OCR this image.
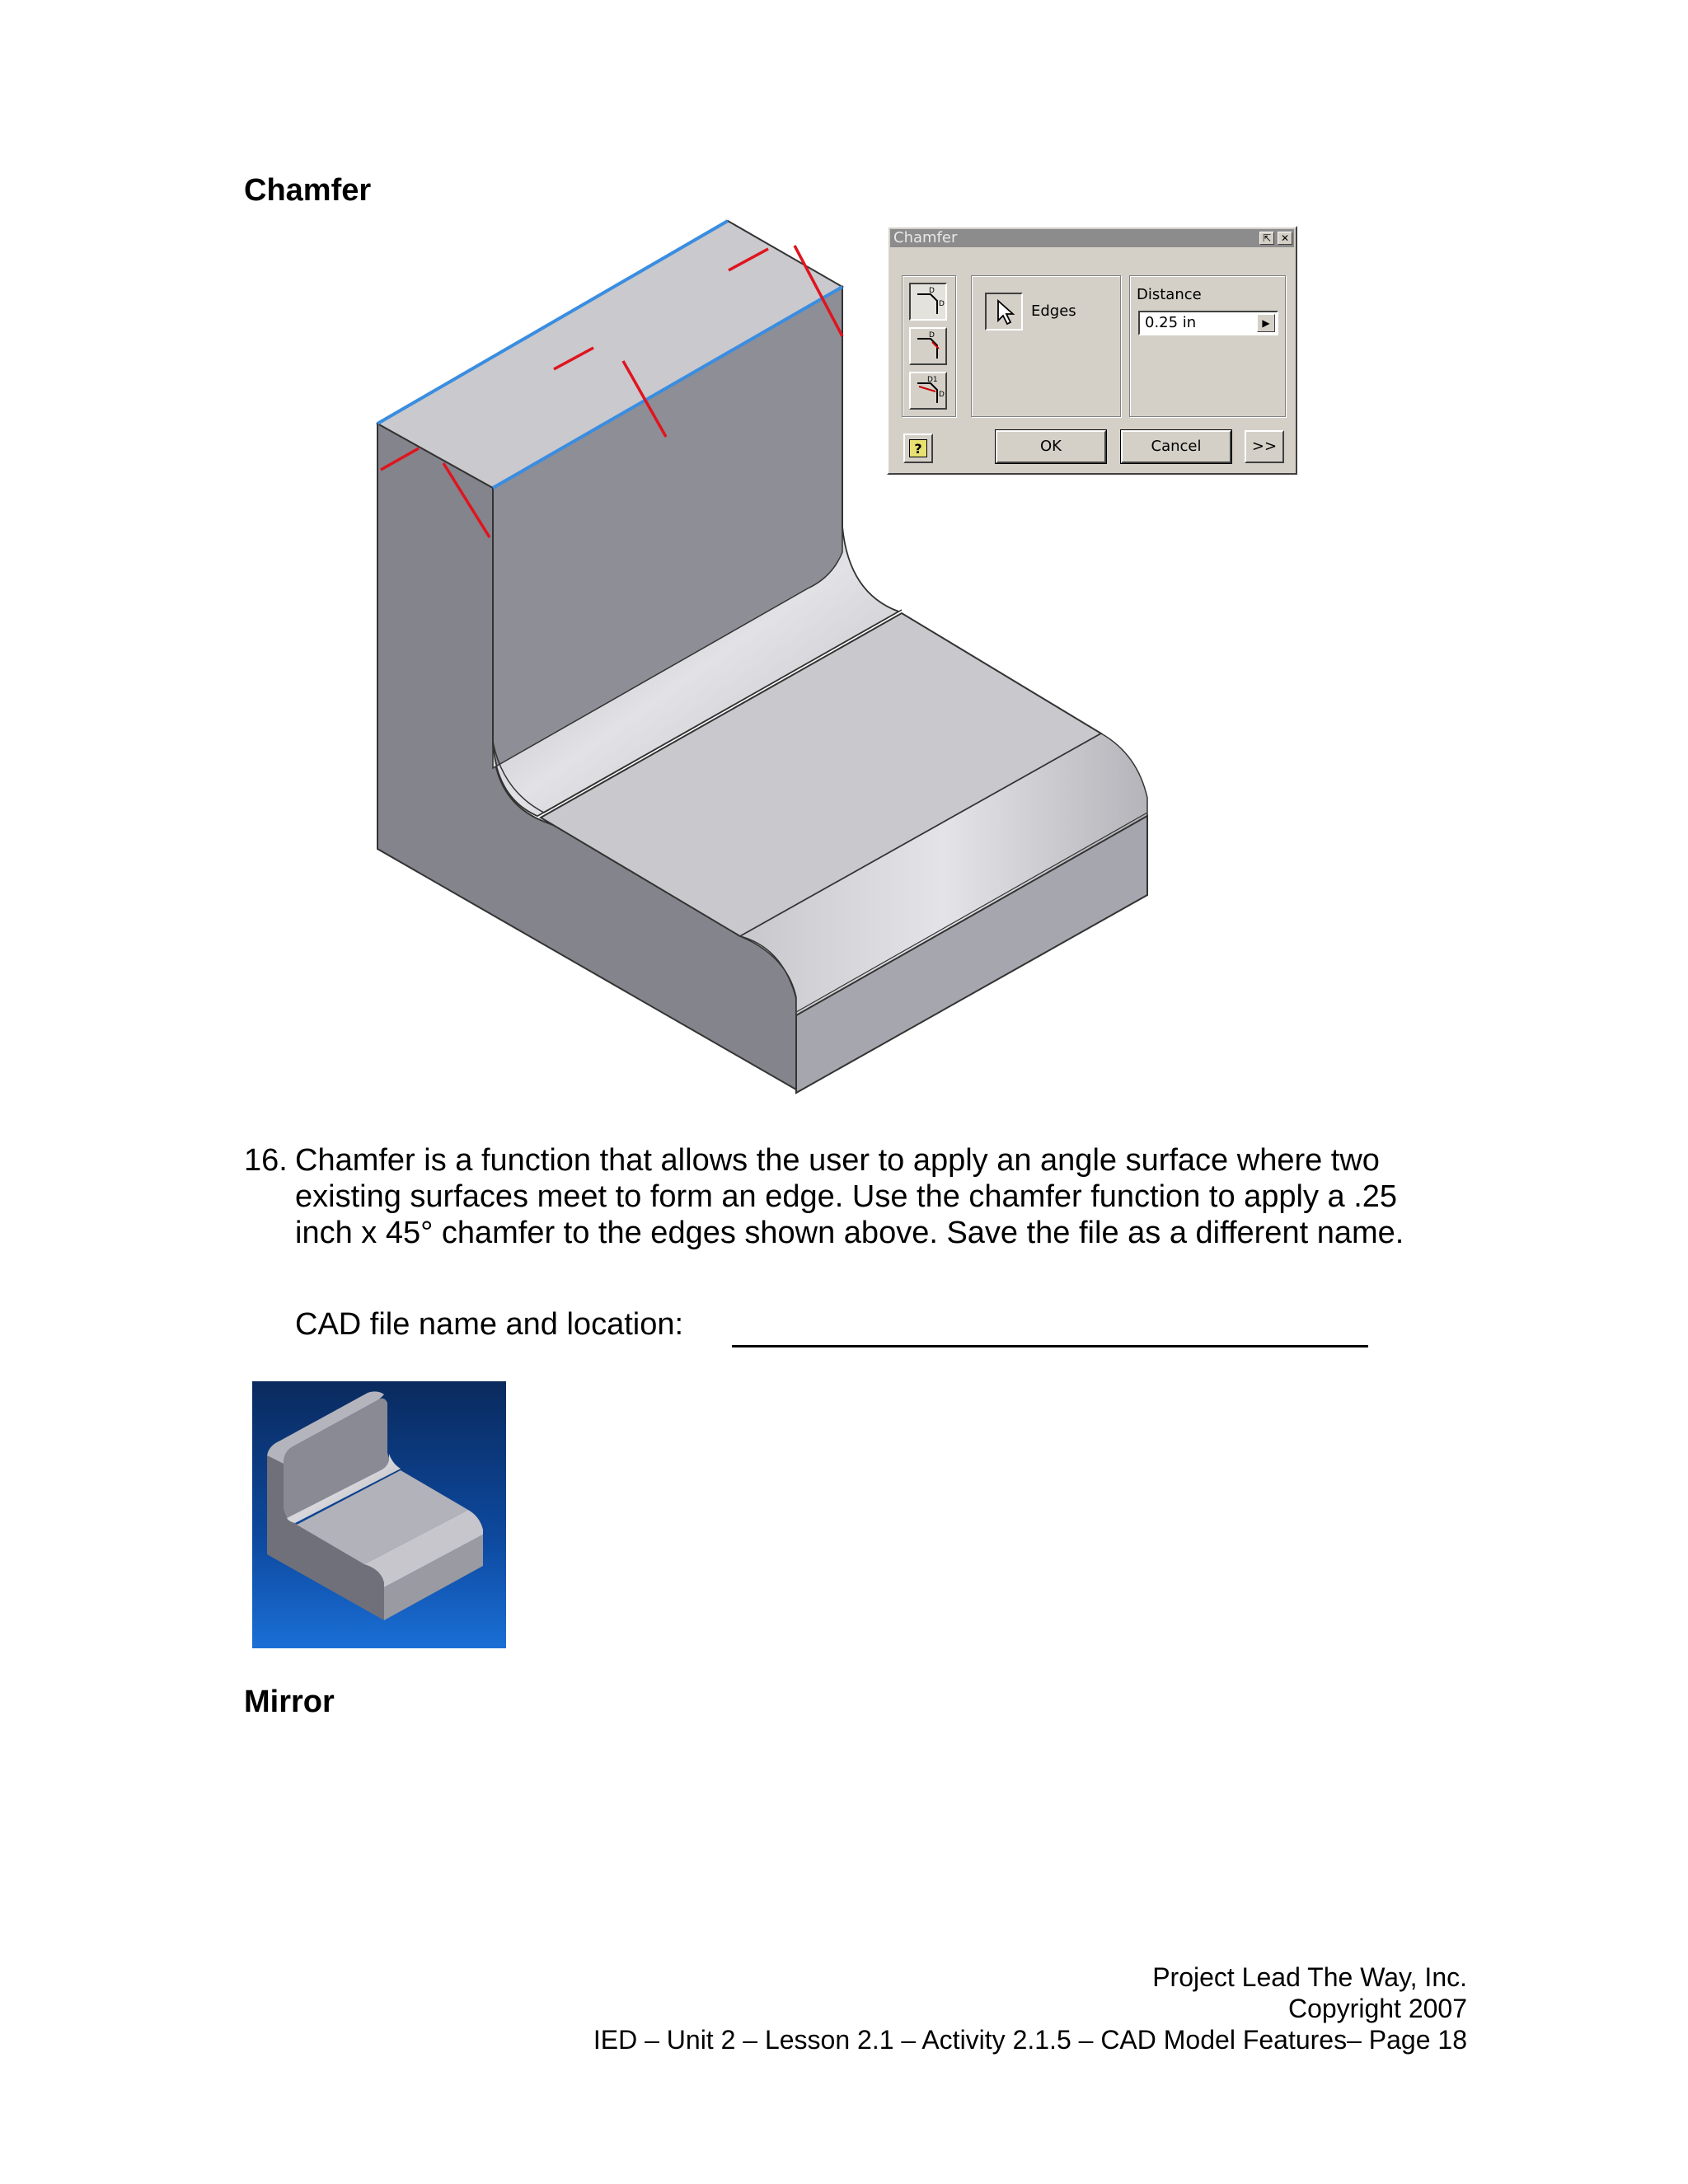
Chamfer
Chamfer	⇱ ✕
D
D
D
D1
D
Edges
Distance
0.25 in	▶
?	OK	Cancel	>>
16. Chamfer is a function that allows the user to apply an angle surface where two
existing surfaces meet to form an edge. Use the chamfer function to apply a .25
inch x 45° chamfer to the edges shown above. Save the file as a different name.
CAD file name and location:
Mirror
Project Lead The Way, Inc.
Copyright 2007
IED – Unit 2 – Lesson 2.1 – Activity 2.1.5 – CAD Model Features– Page 18
